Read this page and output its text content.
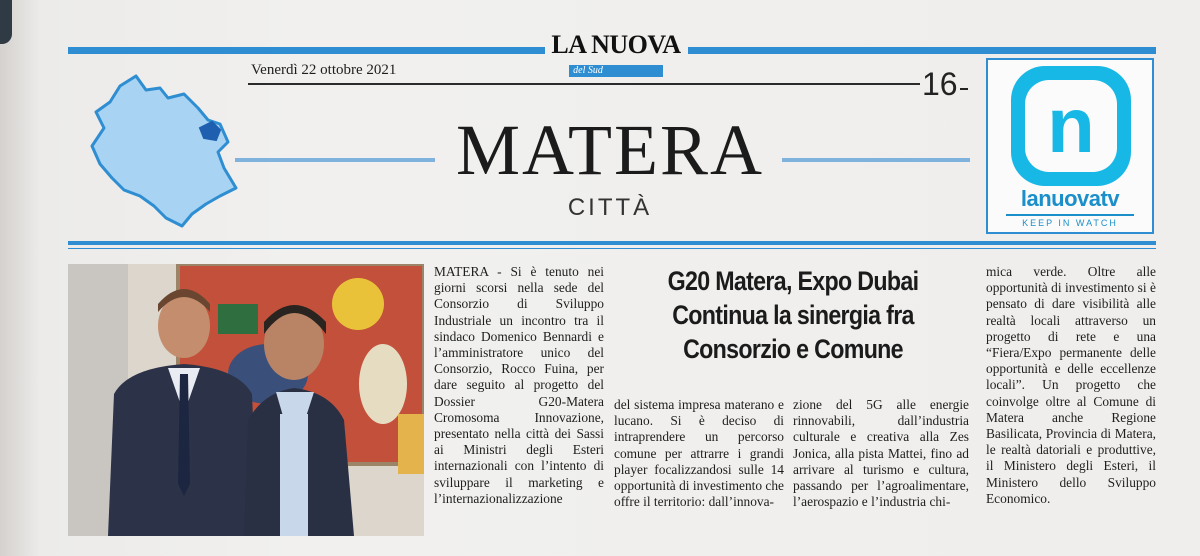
LA NUOVA
del Sud
Venerdì 22 ottobre 2021	16
MATERA
CITTÀ
n
lanuovatv
KEEP IN WATCH

MATERA - Si è tenuto nei giorni scorsi nella sede del Consorzio di Sviluppo Industriale un incontro tra il sindaco Domenico Bennardi e l’amministratore unico del Consorzio, Rocco Fuina, per dare seguito al progetto del Dossier G20-Matera Cromosoma Innovazione, presentato nella città dei Sassi ai Ministri degli Esteri internazionali con l’intento di sviluppare il marketing e l’internazionalizzazione

G20 Matera, Expo Dubai
Continua la sinergia fra
Consorzio e Comune

del sistema impresa materano e lucano. Si è deciso di intraprendere un percorso comune per attrarre i grandi player focalizzandosi sulle 14 opportunità di investimento che offre il territorio: dall’innova-

zione del 5G alle energie rinnovabili, dall’industria culturale e creativa alla Zes Jonica, alla pista Mattei, fino ad arrivare al turismo e cultura, passando per l’agroalimentare, l’aerospazio e l’industria chi-

mica verde. Oltre alle opportunità di investimento si è pensato di dare visibilità alle realtà locali attraverso un progetto di rete e una “Fiera/Expo permanente delle opportunità e delle eccellenze locali”. Un progetto che coinvolge oltre al Comune di Matera anche Regione Basilicata, Provincia di Matera, le realtà datoriali e produttive, il Ministero degli Esteri, il Ministero dello Sviluppo Economico.
